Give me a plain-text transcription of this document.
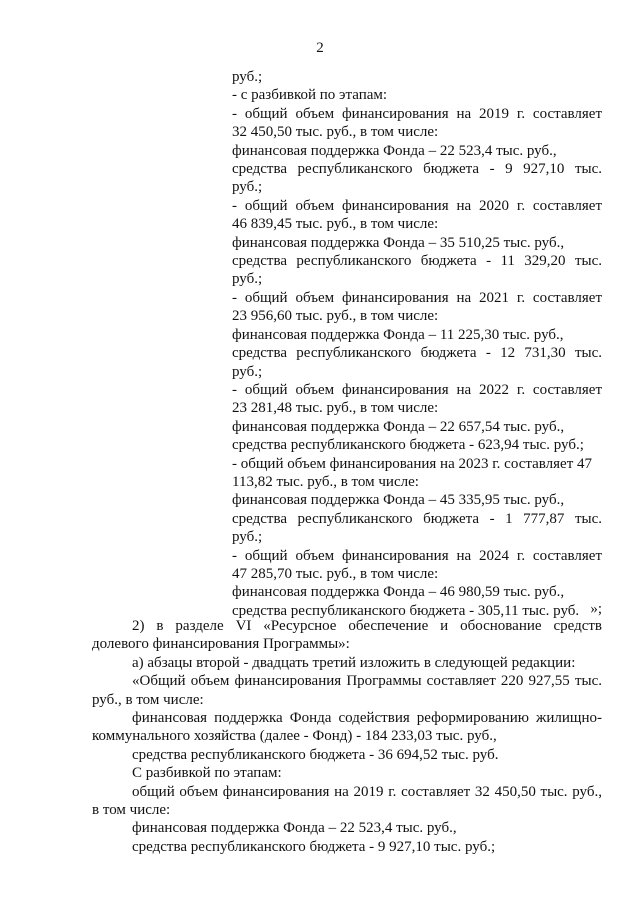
2
руб.;
- с разбивкой по этапам:
- общий объем финансирования на 2019 г. составляет
32 450,50 тыс. руб., в том числе:
финансовая поддержка Фонда – 22 523,4 тыс. руб.,
средства республиканского бюджета - 9 927,10 тыс.
руб.;
- общий объем финансирования на 2020 г. составляет
46 839,45 тыс. руб., в том числе:
финансовая поддержка Фонда – 35 510,25 тыс. руб.,
средства республиканского бюджета - 11 329,20 тыс.
руб.;
- общий объем финансирования на 2021 г. составляет
23 956,60 тыс. руб., в том числе:
финансовая поддержка Фонда – 11 225,30 тыс. руб.,
средства республиканского бюджета - 12 731,30 тыс.
руб.;
- общий объем финансирования на 2022 г. составляет
23 281,48 тыс. руб., в том числе:
финансовая поддержка Фонда – 22 657,54 тыс. руб.,
средства республиканского бюджета - 623,94 тыс. руб.;
- общий объем финансирования на 2023 г. составляет 47
113,82 тыс. руб., в том числе:
финансовая поддержка Фонда – 45 335,95 тыс. руб.,
средства республиканского бюджета - 1 777,87 тыс.
руб.;
- общий объем финансирования на 2024 г. составляет
47 285,70 тыс. руб., в том числе:
финансовая поддержка Фонда – 46 980,59 тыс. руб.,
средства республиканского бюджета - 305,11 тыс. руб. »;
2) в разделе VI «Ресурсное обеспечение и обоснование средств
долевого финансирования Программы»:
а) абзацы второй - двадцать третий изложить в следующей редакции:
«Общий объем финансирования Программы составляет 220 927,55 тыс.
руб., в том числе:
финансовая поддержка Фонда содействия реформированию жилищно-
коммунального хозяйства (далее - Фонд) - 184 233,03 тыс. руб.,
средства республиканского бюджета - 36 694,52 тыс. руб.
С разбивкой по этапам:
общий объем финансирования на 2019 г. составляет 32 450,50 тыс. руб.,
в том числе:
финансовая поддержка Фонда – 22 523,4 тыс. руб.,
средства республиканского бюджета - 9 927,10 тыс. руб.;
